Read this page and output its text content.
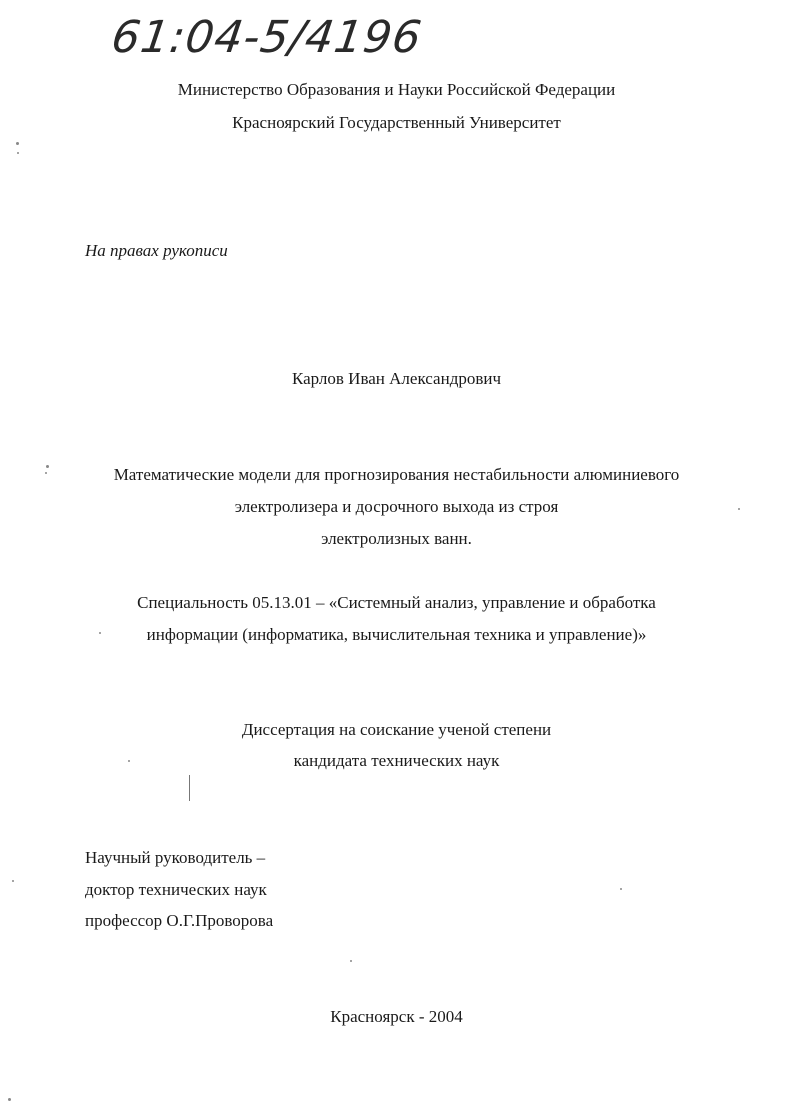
61:04-5/4196
Министерство Образования и Науки Российской Федерации
Красноярский Государственный Университет
На правах рукописи
Карлов Иван Александрович
Математические модели для прогнозирования нестабильности алюминиевого
электролизера и досрочного выхода из строя
электролизных ванн.
Специальность 05.13.01 – «Системный анализ, управление и обработка
информации (информатика, вычислительная техника и управление)»
Диссертация на соискание ученой степени
кандидата технических наук
Научный руководитель –
доктор технических наук
профессор О.Г.Проворова
Красноярск - 2004
